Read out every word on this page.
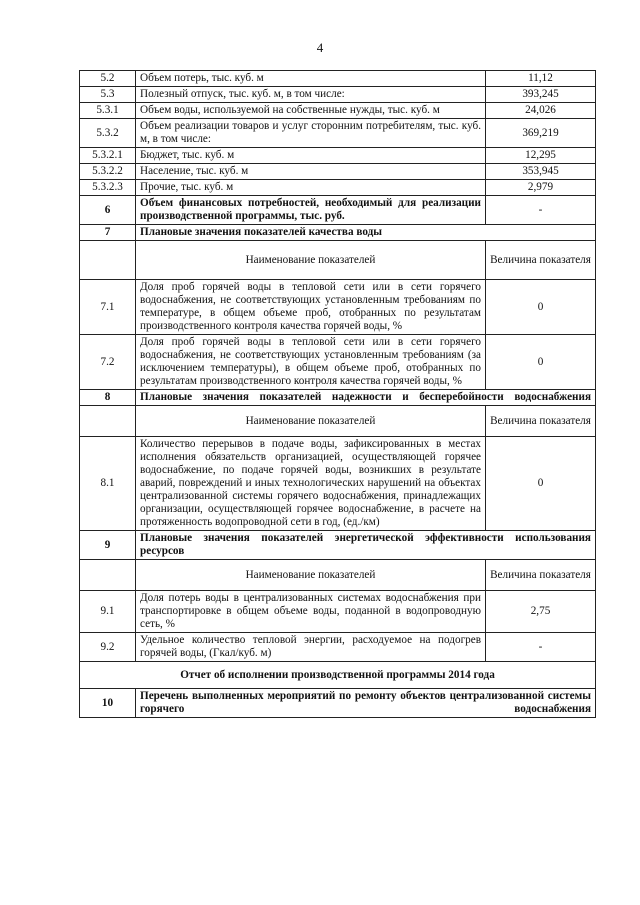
4
5.2	Объем потерь, тыс. куб. м	11,12
5.3	Полезный отпуск, тыс. куб. м, в том числе:	393,245
5.3.1	Объем воды, используемой на собственные нужды, тыс. куб. м	24,026
5.3.2	Объем реализации товаров и услуг сторонним потребителям, тыс. куб. м, в том числе:	369,219
5.3.2.1	Бюджет, тыс. куб. м	12,295
5.3.2.2	Население, тыс. куб. м	353,945
5.3.2.3	Прочие, тыс. куб. м	2,979
6	Объем финансовых потребностей, необходимый для реализации производственной программы, тыс. руб.	-
7	Плановые значения показателей качества воды	
	Наименование показателей	Величина показателя
7.1	Доля проб горячей воды в тепловой сети или в сети горячего водоснабжения, не соответствующих установленным требованиям по температуре, в общем объеме проб, отобранных по результатам производственного контроля качества горячей воды, %	0
7.2	Доля проб горячей воды в тепловой сети или в сети горячего водоснабжения, не соответствующих установленным требованиям (за исключением температуры), в общем объеме проб, отобранных по результатам производственного контроля качества горячей воды, %	0
8	Плановые значения показателей надежности и бесперебойности водоснабжения	
	Наименование показателей	Величина показателя
8.1	Количество перерывов в подаче воды, зафиксированных в местах исполнения обязательств организацией, осуществляющей горячее водоснабжение, по подаче горячей воды, возникших в результате аварий, повреждений и иных технологических нарушений на объектах централизованной системы горячего водоснабжения, принадлежащих организации, осуществляющей горячее водоснабжение, в расчете на протяженность водопроводной сети в год, (ед./км)	0
9	Плановые значения показателей энергетической эффективности использования ресурсов	
	Наименование показателей	Величина показателя
9.1	Доля потерь воды в централизованных системах водоснабжения при транспортировке в общем объеме воды, поданной в водопроводную сеть, %	2,75
9.2	Удельное количество тепловой энергии, расходуемое на подогрев горячей воды, (Гкал/куб. м)	-
Отчет об исполнении производственной программы 2014 года		
10	Перечень выполненных мероприятий по ремонту объектов централизованной системы горячего водоснабжения	
